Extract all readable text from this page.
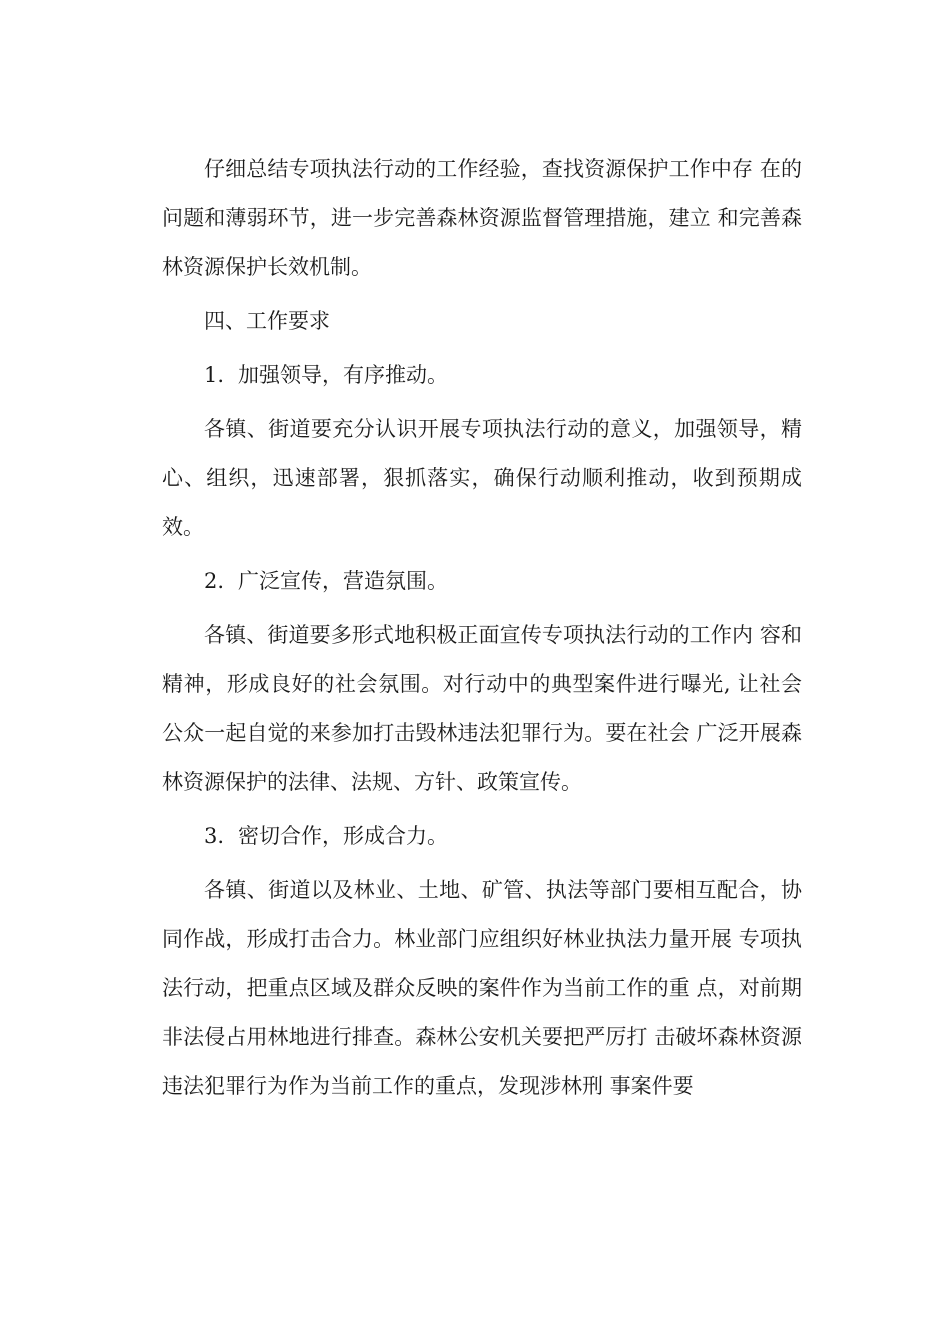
仔细总结专项执法行动的工作经验，查找资源保护工作中存 在的问题和薄弱环节，进一步完善森林资源监督管理措施，建立 和完善森林资源保护长效机制。

四、工作要求

1. 加强领导，有序推动。

各镇、街道要充分认识开展专项执法行动的意义，加强领导，精心、组织，迅速部署，狠抓落实，确保行动顺利推动，收到预期成效。

2. 广泛宣传，营造氛围。

各镇、街道要多形式地积极正面宣传专项执法行动的工作内 容和精神，形成良好的社会氛围。对行动中的典型案件进行曝光, 让社会公众一起自觉的来参加打击毁林违法犯罪行为。要在社会 广泛开展森林资源保护的法律、法规、方针、政策宣传。

3. 密切合作，形成合力。

各镇、街道以及林业、土地、矿管、执法等部门要相互配合，协同作战，形成打击合力。林业部门应组织好林业执法力量开展 专项执法行动，把重点区域及群众反映的案件作为当前工作的重 点，对前期非法侵占用林地进行排查。森林公安机关要把严厉打 击破坏森林资源违法犯罪行为作为当前工作的重点，发现涉林刑 事案件要
